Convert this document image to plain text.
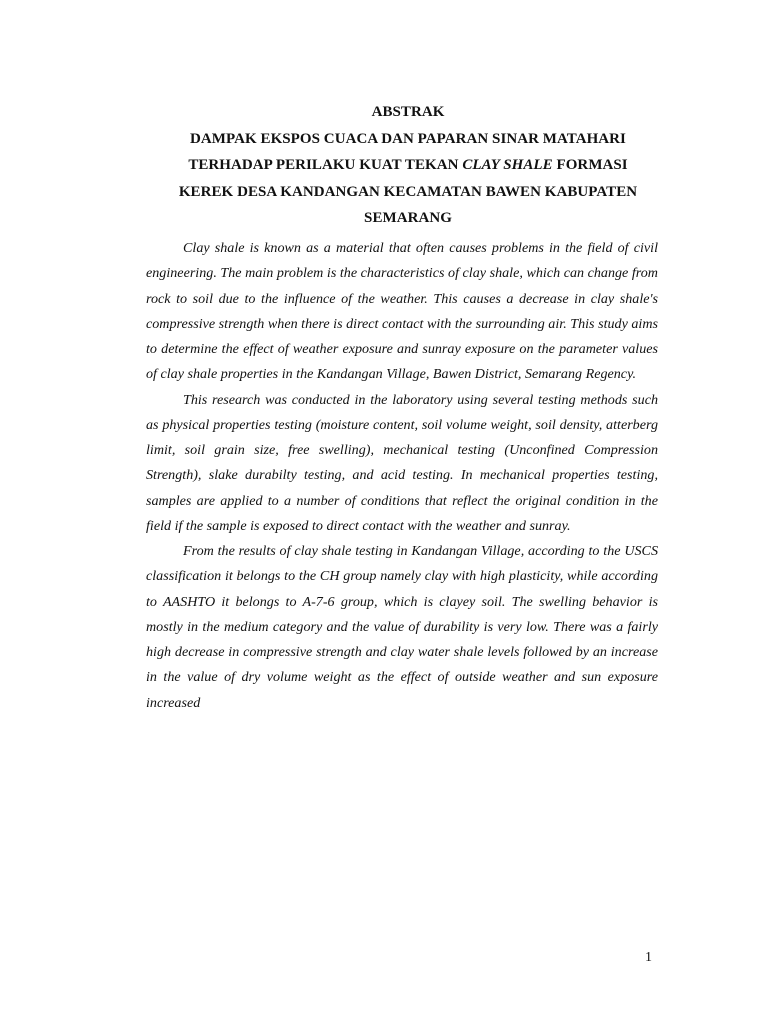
ABSTRAK
DAMPAK EKSPOS CUACA DAN PAPARAN SINAR MATAHARI
TERHADAP PERILAKU KUAT TEKAN CLAY SHALE FORMASI
KEREK DESA KANDANGAN KECAMATAN BAWEN KABUPATEN
SEMARANG

Clay shale is known as a material that often causes problems in the field of civil engineering. The main problem is the characteristics of clay shale, which can change from rock to soil due to the influence of the weather. This causes a decrease in clay shale's compressive strength when there is direct contact with the surrounding air. This study aims to determine the effect of weather exposure and sunray exposure on the parameter values of clay shale properties in the Kandangan Village, Bawen District, Semarang Regency.

This research was conducted in the laboratory using several testing methods such as physical properties testing (moisture content, soil volume weight, soil density, atterberg limit, soil grain size, free swelling), mechanical testing (Unconfined Compression Strength), slake durabilty testing, and acid testing. In mechanical properties testing, samples are applied to a number of conditions that reflect the original condition in the field if the sample is exposed to direct contact with the weather and sunray.

From the results of clay shale testing in Kandangan Village, according to the USCS classification it belongs to the CH group namely clay with high plasticity, while according to AASHTO it belongs to A-7-6 group, which is clayey soil. The swelling behavior is mostly in the medium category and the value of durability is very low. There was a fairly high decrease in compressive strength and clay water shale levels followed by an increase in the value of dry volume weight as the effect of outside weather and sun exposure increased

1
